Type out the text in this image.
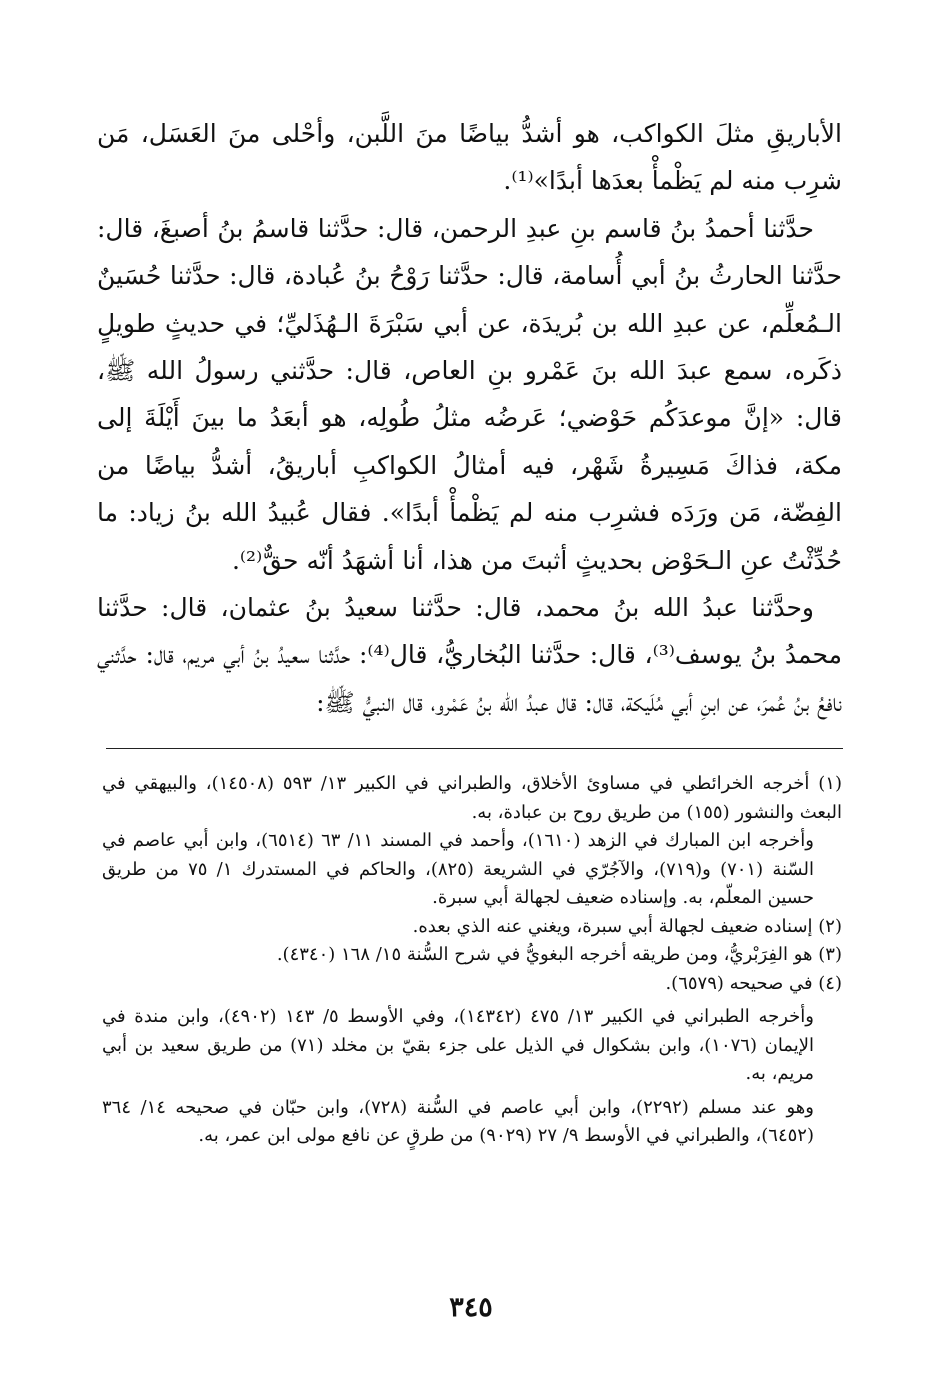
الأباريقِ مثلَ الكواكب، هو أشدُّ بياضًا منَ اللَّبن، وأحْلى منَ العَسَل، مَن شرِب منه لم يَظْمأْ بعدَها أبدًا»⁽¹⁾.

حدَّثنا أحمدُ بنُ قاسم بنِ عبدِ الرحمن، قال: حدَّثنا قاسمُ بنُ أصبغَ، قال: حدَّثنا الحارثُ بنُ أبي أُسامة، قال: حدَّثنا رَوْحُ بنُ عُبادة، قال: حدَّثنا حُسَينٌ الـمُعلِّم، عن عبدِ الله بن بُريدَة، عن أبي سَبْرَةَ الـهُذَليِّ؛ في حديثٍ طويلٍ ذكَره، سمع عبدَ الله بنَ عَمْرو بنِ العاص، قال: حدَّثني رسولُ الله ﷺ، قال: «إنَّ موعدَكُم حَوْضي؛ عَرضُه مثلُ طُولِه، هو أبعَدُ ما بينَ أَيْلَةَ إلى مكة، فذاكَ مَسِيرةُ شَهْر، فيه أمثالُ الكواكبِ أباريقُ، أشدُّ بياضًا من الفِضّة، مَن ورَدَه فشرِب منه لم يَظْمأْ أبدًا». فقال عُبيدُ الله بنُ زياد: ما حُدِّثْتُ عنِ الـحَوْض بحديثٍ أثبتَ من هذا، أنا أشهَدُ أنّه حقٌّ⁽²⁾.

وحدَّثنا عبدُ الله بنُ محمد، قال: حدَّثنا سعيدُ بنُ عثمان، قال: حدَّثنا محمدُ بنُ يوسف⁽³⁾، قال: حدَّثنا البُخاريُّ، قال⁽⁴⁾: حدَّثنا سعيدُ بنُ أبي مريم، قال: حدَّثني نافعُ بنُ عُمرَ، عن ابنِ أبي مُلَيكة، قال: قال عبدُ الله بنُ عَمْرو، قال النبيُّ ﷺ:

(١) أخرجه الخرائطي في مساوئ الأخلاق، والطبراني في الكبير ١٣/ ٥٩٣ (١٤٥٠٨)، والبيهقي في البعث والنشور (١٥٥) من طريق روح بن عبادة، به.

وأخرجه ابن المبارك في الزهد (١٦١٠)، وأحمد في المسند ١١/ ٦٣ (٦٥١٤)، وابن أبي عاصم في السّنة (٧٠١) و(٧١٩)، والآجُرّي في الشريعة (٨٢٥)، والحاكم في المستدرك ١/ ٧٥ من طريق حسين المعلّم، به. وإسناده ضعيف لجهالة أبي سبرة.

(٢) إسناده ضعيف لجهالة أبي سبرة، ويغني عنه الذي بعده.

(٣) هو الفِرَبْريُّ، ومن طريقه أخرجه البغويُّ في شرح السُّنة ١٥/ ١٦٨ (٤٣٤٠).

(٤) في صحيحه (٦٥٧٩).

وأخرجه الطبراني في الكبير ١٣/ ٤٧٥ (١٤٣٤٢)، وفي الأوسط ٥/ ١٤٣ (٤٩٠٢)، وابن مندة في الإيمان (١٠٧٦)، وابن بشكوال في الذيل على جزء بقيّ بن مخلد (٧١) من طريق سعيد بن أبي مريم، به.

وهو عند مسلم (٢٢٩٢)، وابن أبي عاصم في السُّنة (٧٢٨)، وابن حبّان في صحيحه ١٤/ ٣٦٤ (٦٤٥٢)، والطبراني في الأوسط ٩/ ٢٧ (٩٠٢٩) من طرقٍ عن نافع مولى ابن عمر، به.

٣٤٥
